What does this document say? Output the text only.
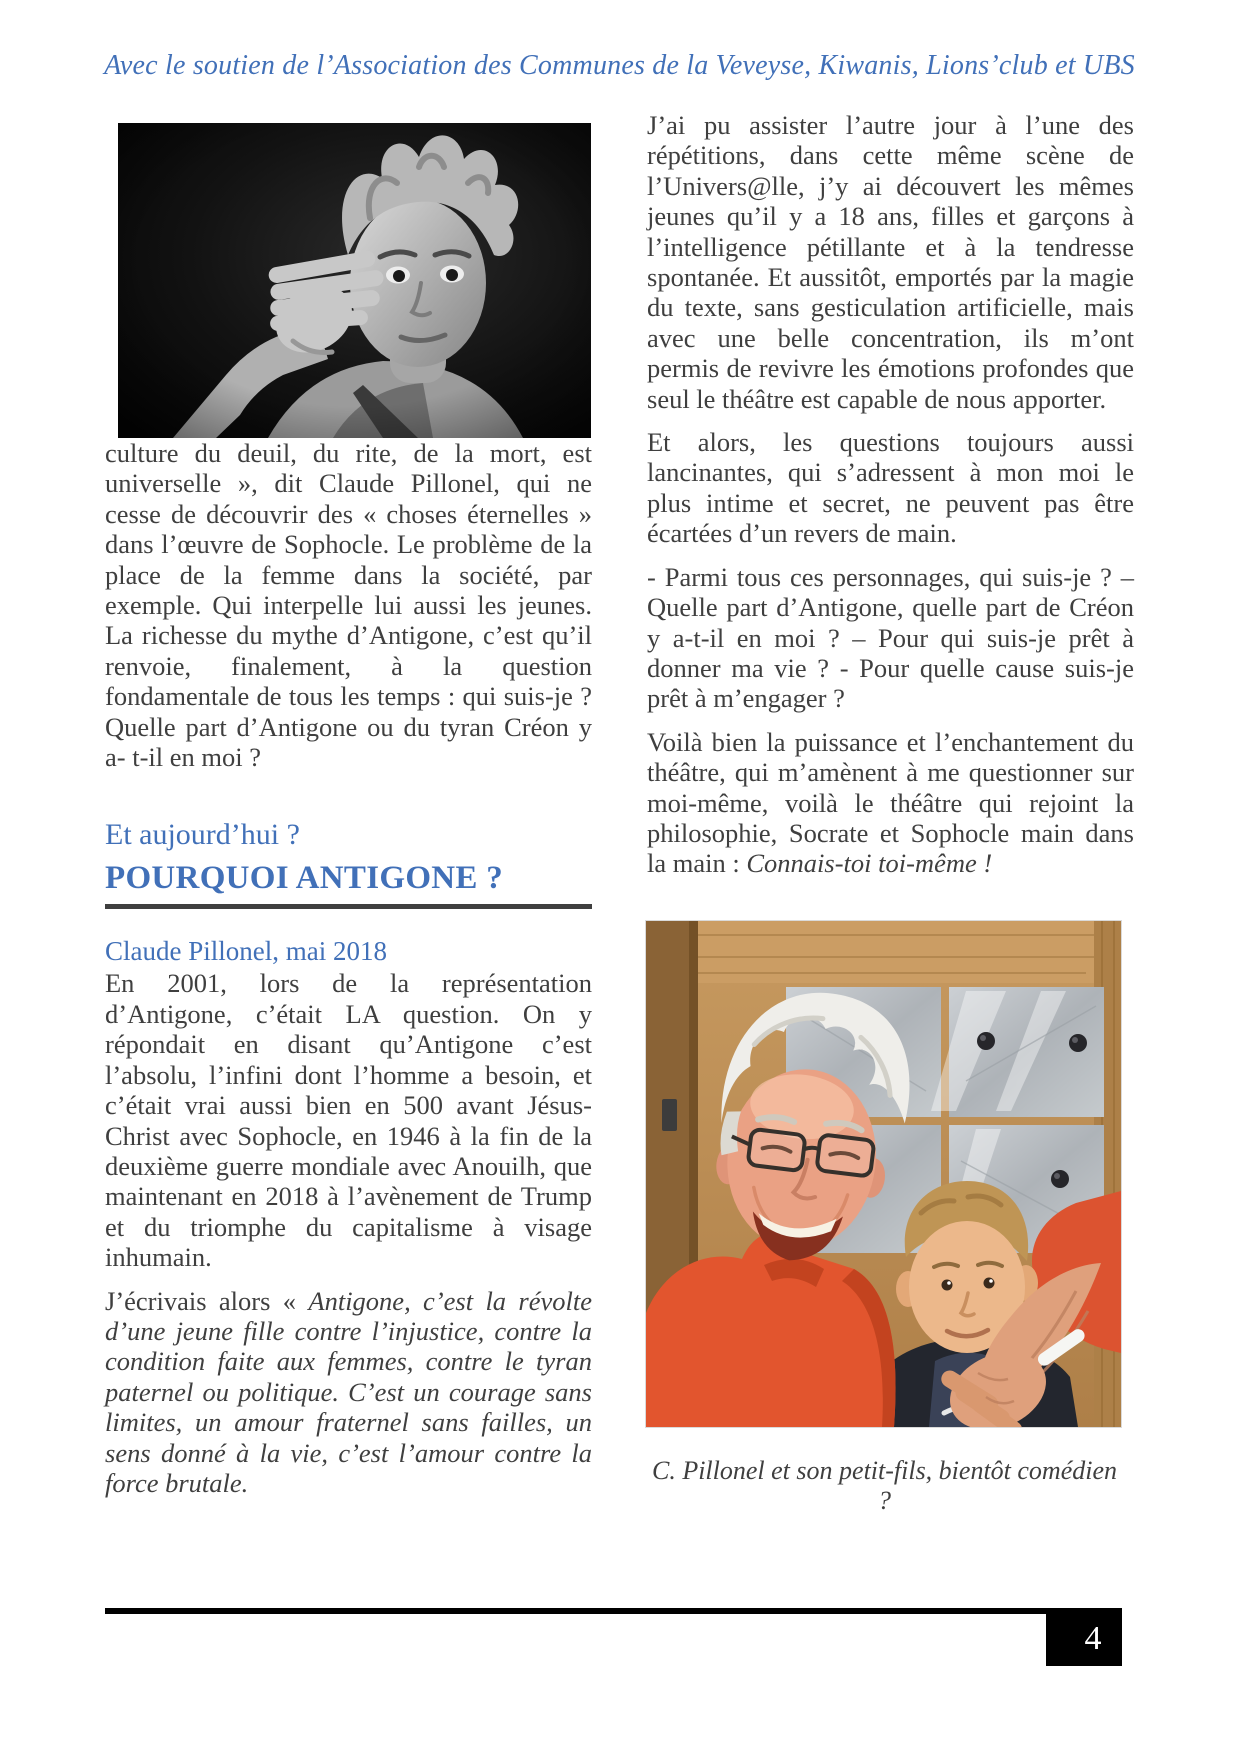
Avec le soutien de l’Association des Communes de la Veveyse, Kiwanis, Lions’club et UBS

culture du deuil, du rite, de la mort, est universelle », dit Claude Pillonel, qui ne cesse de découvrir des « choses éternelles » dans l’œuvre de Sophocle. Le problème de la place de la femme dans la société, par exemple. Qui interpelle lui aussi les jeunes. La richesse du mythe d’Antigone, c’est qu’il renvoie, finalement, à la question fondamentale de tous les temps : qui suis-je ? Quelle part d’Antigone ou du tyran Créon y a- t-il en moi ?

Et aujourd’hui ?
POURQUOI ANTIGONE ?
Claude Pillonel, mai 2018

En 2001, lors de la représentation d’Antigone, c’était LA question. On y répondait en disant qu’Antigone c’est l’absolu, l’infini dont l’homme a besoin, et c’était vrai aussi bien en 500 avant Jésus-Christ avec Sophocle, en 1946 à la fin de la deuxième guerre mondiale avec Anouilh, que maintenant en 2018 à l’avènement de Trump et du triomphe du capitalisme à visage inhumain.

J’écrivais alors « Antigone, c’est la révolte d’une jeune fille contre l’injustice, contre la condition faite aux femmes, contre le tyran paternel ou politique. C’est un courage sans limites, un amour fraternel sans failles, un sens donné à la vie, c’est l’amour contre la force brutale.

J’ai pu assister l’autre jour à l’une des répétitions, dans cette même scène de l’Univers@lle, j’y ai découvert les mêmes jeunes qu’il y a 18 ans, filles et garçons à l’intelligence pétillante et à la tendresse spontanée. Et aussitôt, emportés par la magie du texte, sans gesticulation artificielle, mais avec une belle concentration, ils m’ont permis de revivre les émotions profondes que seul le théâtre est capable de nous apporter.

Et alors, les questions toujours aussi lancinantes, qui s’adressent à mon moi le plus intime et secret, ne peuvent pas être écartées d’un revers de main.

- Parmi tous ces personnages, qui suis-je ? – Quelle part d’Antigone, quelle part de Créon y a-t-il en moi ? – Pour qui suis-je prêt à donner ma vie ? - Pour quelle cause suis-je prêt à m’engager ?

Voilà bien la puissance et l’enchantement du théâtre, qui m’amènent à me questionner sur moi-même, voilà le théâtre qui rejoint la philosophie, Socrate et Sophocle main dans la main : Connais-toi toi-même !

C. Pillonel et son petit-fils, bientôt comédien ?
4
